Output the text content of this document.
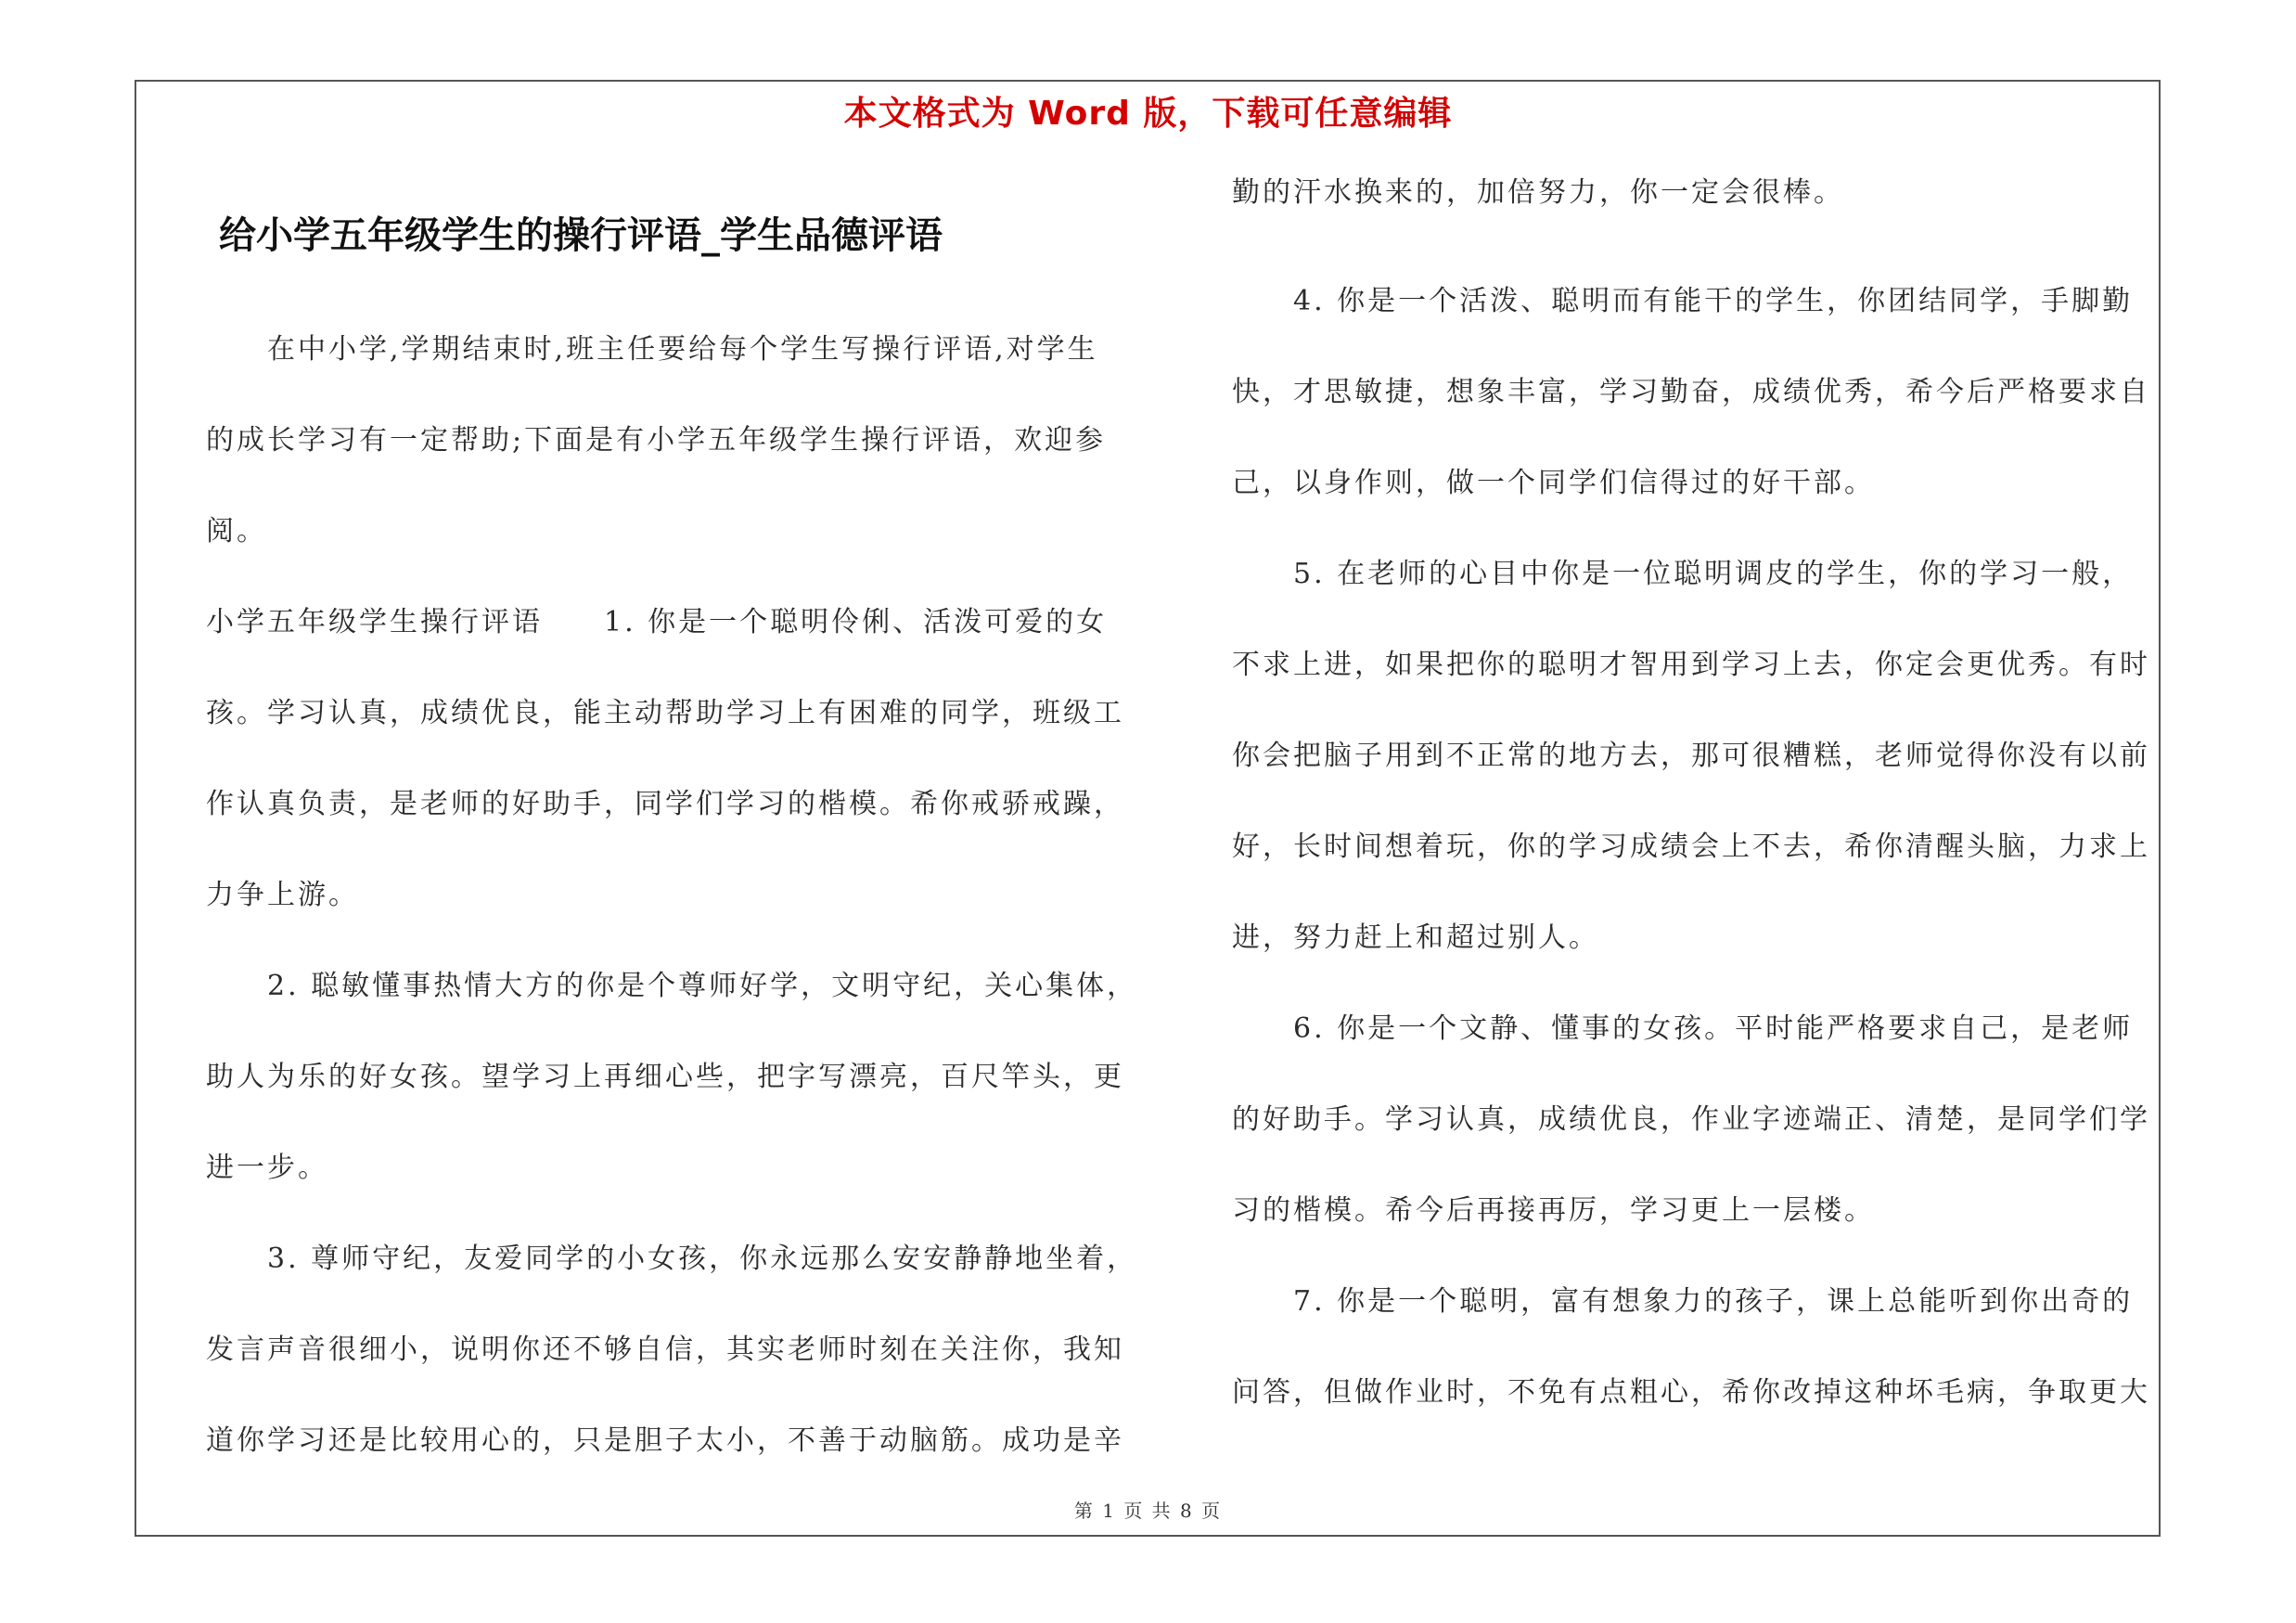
本文格式为 Word 版，下载可任意编辑
给小学五年级学生的操行评语_学生品德评语
在中小学,学期结束时,班主任要给每个学生写操行评语,对学生
的成长学习有一定帮助;下面是有小学五年级学生操行评语，欢迎参
阅。
小学五年级学生操行评语　　1. 你是一个聪明伶俐、活泼可爱的女
孩。学习认真，成绩优良，能主动帮助学习上有困难的同学，班级工
作认真负责，是老师的好助手，同学们学习的楷模。希你戒骄戒躁，
力争上游。
2. 聪敏懂事热情大方的你是个尊师好学，文明守纪，关心集体，
助人为乐的好女孩。望学习上再细心些，把字写漂亮，百尺竿头，更
进一步。
3. 尊师守纪，友爱同学的小女孩，你永远那么安安静静地坐着，
发言声音很细小，说明你还不够自信，其实老师时刻在关注你，我知
道你学习还是比较用心的，只是胆子太小，不善于动脑筋。成功是辛
勤的汗水换来的，加倍努力，你一定会很棒。
4. 你是一个活泼、聪明而有能干的学生，你团结同学，手脚勤
快，才思敏捷，想象丰富，学习勤奋，成绩优秀，希今后严格要求自
己，以身作则，做一个同学们信得过的好干部。
5. 在老师的心目中你是一位聪明调皮的学生，你的学习一般，
不求上进，如果把你的聪明才智用到学习上去，你定会更优秀。有时
你会把脑子用到不正常的地方去，那可很糟糕，老师觉得你没有以前
好，长时间想着玩，你的学习成绩会上不去，希你清醒头脑，力求上
进，努力赶上和超过别人。
6. 你是一个文静、懂事的女孩。平时能严格要求自己，是老师
的好助手。学习认真，成绩优良，作业字迹端正、清楚，是同学们学
习的楷模。希今后再接再厉，学习更上一层楼。
7. 你是一个聪明，富有想象力的孩子，课上总能听到你出奇的
问答，但做作业时，不免有点粗心，希你改掉这种坏毛病，争取更大
第 1 页 共 8 页
